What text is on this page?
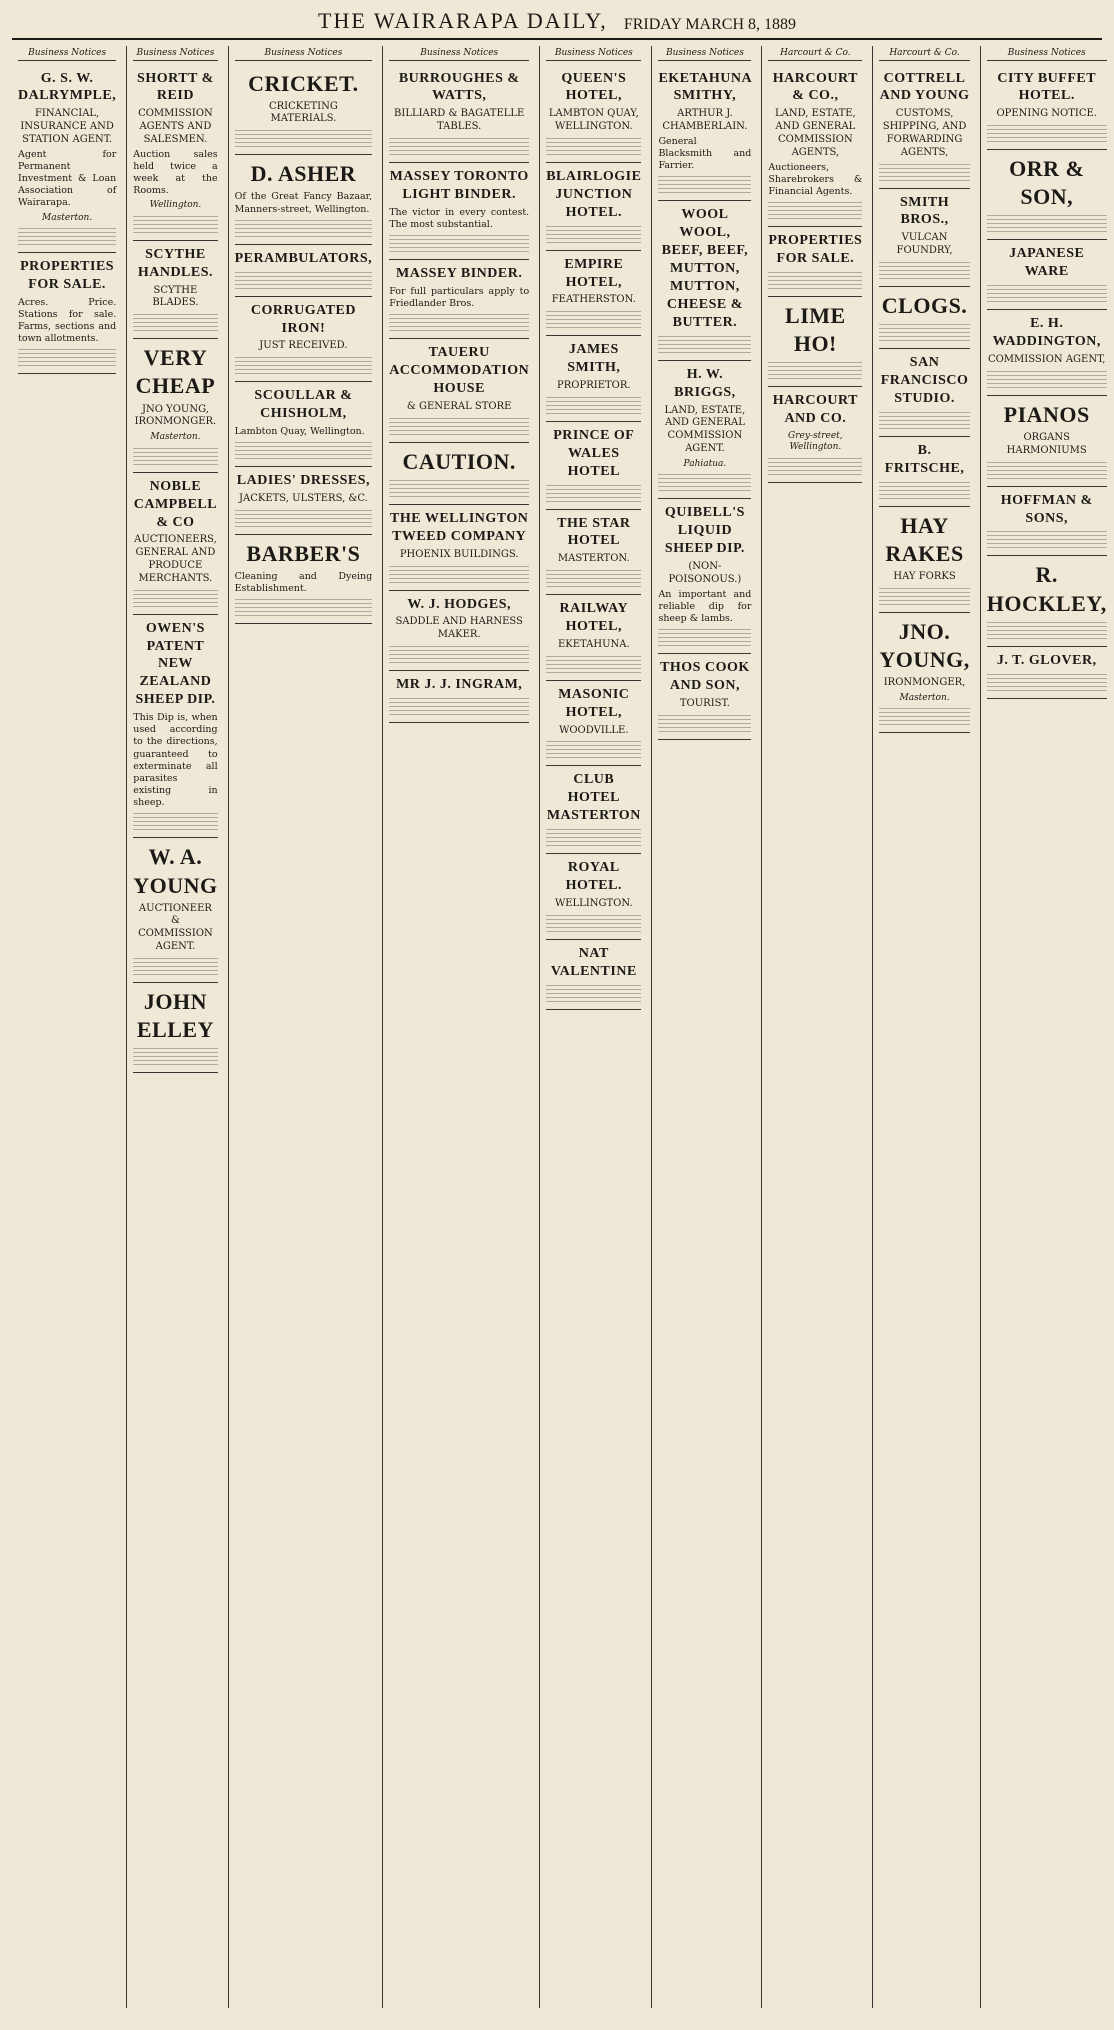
THE WAIRARAPA DAILY, FRIDAY MARCH 8, 1889
Business Notices
G. S. W. DALRYMPLE,
FINANCIAL, INSURANCE AND STATION AGENT.

Agent for Permanent Investment & Loan Association of Wairarapa.

Masterton.
PROPERTIES FOR SALE.

Acres. Price. Stations for sale. Farms, sections and town allotments.

Business Notices
SHORTT & REID
COMMISSION AGENTS AND SALESMEN.

Auction sales held twice a week at the Rooms.

Wellington.
SCYTHE HANDLES.
SCYTHE BLADES.
VERY CHEAP
JNO YOUNG, IRONMONGER.
Masterton.
NOBLE CAMPBELL & CO
AUCTIONEERS, GENERAL AND PRODUCE MERCHANTS.
OWEN'S PATENT NEW ZEALAND SHEEP DIP.

This Dip is, when used according to the directions, guaranteed to exterminate all parasites existing in sheep.

W. A. YOUNG
AUCTIONEER & COMMISSION AGENT.
JOHN ELLEY
Business Notices
CRICKET.
CRICKETING MATERIALS.
D. ASHER

Of the Great Fancy Bazaar, Manners-street, Wellington.

PERAMBULATORS,
CORRUGATED IRON!
JUST RECEIVED.
SCOULLAR & CHISHOLM,

Lambton Quay, Wellington.

LADIES' DRESSES,
JACKETS, ULSTERS, &C.
BARBER'S

Cleaning and Dyeing Establishment.

Business Notices
BURROUGHES & WATTS,
BILLIARD & BAGATELLE TABLES.
MASSEY TORONTO LIGHT BINDER.

The victor in every contest. The most substantial.

MASSEY BINDER.

For full particulars apply to Friedlander Bros.

TAUERU ACCOMMODATION HOUSE
& GENERAL STORE
CAUTION.
THE WELLINGTON TWEED COMPANY
PHOENIX BUILDINGS.
W. J. HODGES,
SADDLE AND HARNESS MAKER.
MR J. J. INGRAM,
Business Notices
QUEEN'S HOTEL,
LAMBTON QUAY, WELLINGTON.
BLAIRLOGIE JUNCTION HOTEL.
EMPIRE HOTEL,
FEATHERSTON.
JAMES SMITH,
PROPRIETOR.
PRINCE OF WALES HOTEL
THE STAR HOTEL
MASTERTON.
RAILWAY HOTEL,
EKETAHUNA.
MASONIC HOTEL,
WOODVILLE.
CLUB HOTEL MASTERTON
ROYAL HOTEL.
WELLINGTON.
NAT VALENTINE
Business Notices
EKETAHUNA SMITHY,
ARTHUR J. CHAMBERLAIN.

General Blacksmith and Farrier.

WOOL WOOL, BEEF, BEEF, MUTTON, MUTTON, CHEESE & BUTTER.
H. W. BRIGGS,
LAND, ESTATE, AND GENERAL COMMISSION AGENT.
Pahiatua.
QUIBELL'S LIQUID SHEEP DIP.
(NON-POISONOUS.)

An important and reliable dip for sheep & lambs.

THOS COOK AND SON,
TOURIST.
Harcourt & Co.
HARCOURT & CO.,
LAND, ESTATE, AND GENERAL COMMISSION AGENTS,

Auctioneers, Sharebrokers & Financial Agents.

PROPERTIES FOR SALE.
LIME HO!
HARCOURT AND CO.
Grey-street, Wellington.
Harcourt & Co.
COTTRELL AND YOUNG
CUSTOMS, SHIPPING, AND FORWARDING AGENTS,
SMITH BROS.,
VULCAN FOUNDRY,
CLOGS.
SAN FRANCISCO STUDIO.
B. FRITSCHE,
HAY RAKES
HAY FORKS
JNO. YOUNG,
IRONMONGER,
Masterton.
Business Notices
CITY BUFFET HOTEL.
OPENING NOTICE.
ORR & SON,
JAPANESE WARE
E. H. WADDINGTON,
COMMISSION AGENT,
PIANOS
ORGANS HARMONIUMS
HOFFMAN & SONS,
R. HOCKLEY,
J. T. GLOVER,
